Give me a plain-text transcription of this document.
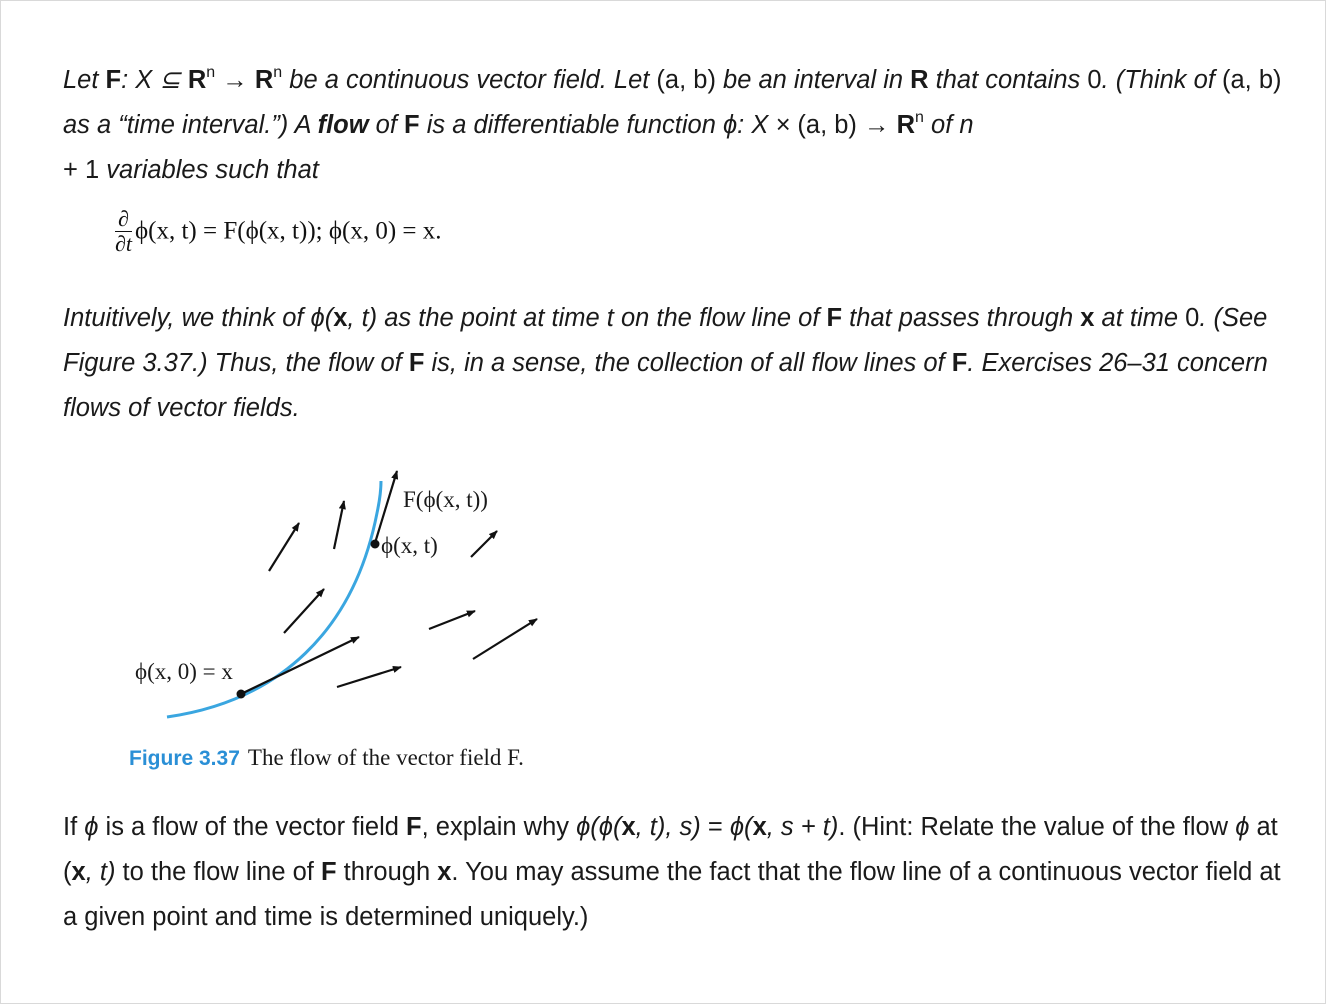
Let F: X ⊆ $R^n \to R^n$ be a continuous vector field. Let (a, b) be an interval in R that contains 0. (Think of (a, b) as a “time interval.”) A flow of F is a differentiable function ϕ: X × (a, $b) \to R^n$ of n
+ 1 variables such that

$\frac{\partial}{\partial t} \phi(x$, t) = F(ϕ(x, t)); ϕ(x, 0) = x.

Intuitively, we think of ϕ(x, t) as the point at time t on the flow line of F that passes through x at time 0. (See Figure 3.37.) Thus, the flow of F is, in a sense, the collection of all flow lines of F. Exercises 26–31 concern flows of vector fields.

F(ϕ(x, t))
ϕ(x, t)
ϕ(x, 0) = x
Figure 3.37 The flow of the vector field F.

If ϕ is a flow of the vector field F, explain why ϕ(ϕ(x, t), s) = ϕ(x, s + t). (Hint: Relate the value of the flow ϕ at (x, t) to the flow line of F through x. You may assume the fact that the flow line of a continuous vector field at a given point and time is determined uniquely.)
